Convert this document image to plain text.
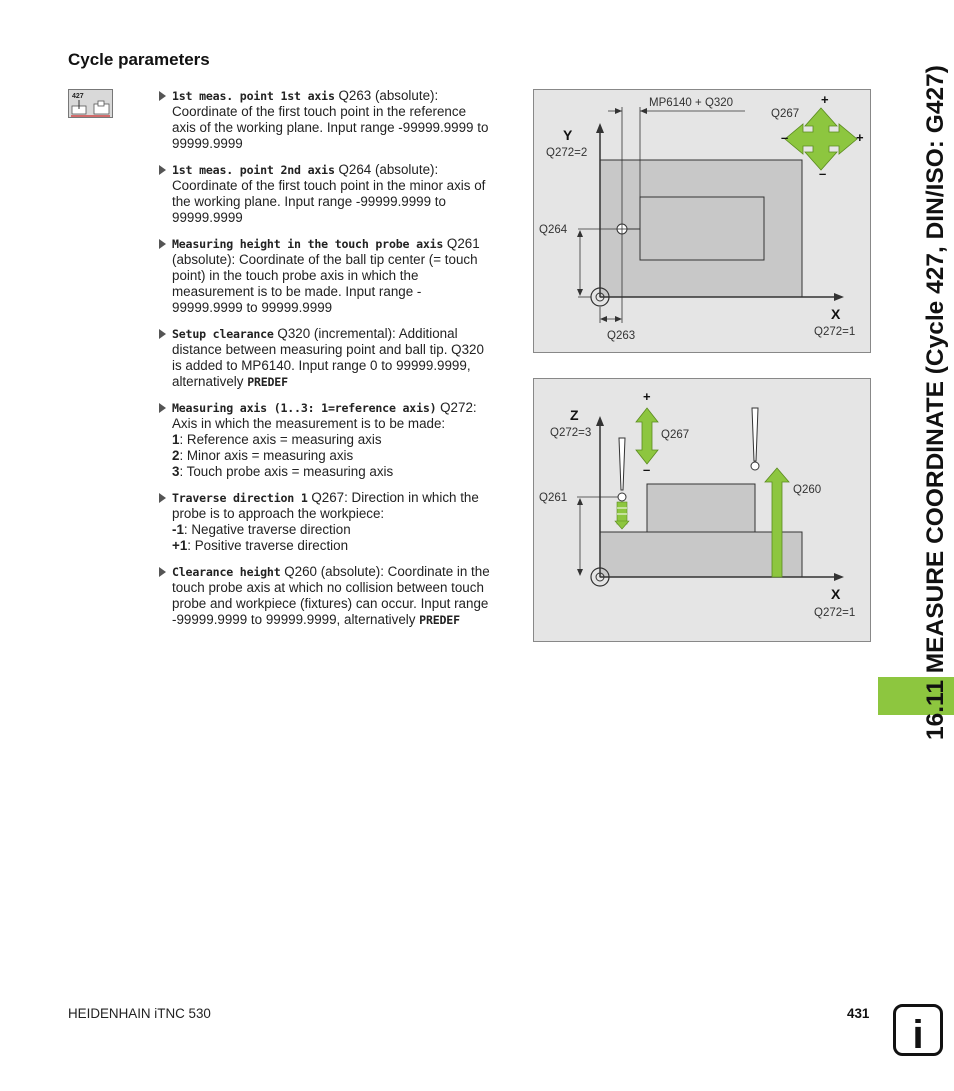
Cycle parameters
427	1st meas. point 1st axis Q263 (absolute):
Coordinate of the first touch point in the reference
axis of the working plane. Input range -99999.9999 to
99999.9999
1st meas. point 2nd axis Q264 (absolute):
Coordinate of the first touch point in the minor axis of
the working plane. Input range -99999.9999 to
99999.9999
Measuring height in the touch probe axis Q261
(absolute): Coordinate of the ball tip center (= touch
point) in the touch probe axis in which the
measurement is to be made. Input range -
99999.9999 to 99999.9999
Setup clearance Q320 (incremental): Additional
distance between measuring point and ball tip. Q320
is added to MP6140. Input range 0 to 99999.9999,
alternatively PREDEF
Measuring axis (1..3: 1=reference axis) Q272:
Axis in which the measurement is to be made:
1: Reference axis = measuring axis
2: Minor axis = measuring axis
3: Touch probe axis = measuring axis
Traverse direction 1 Q267: Direction in which the
probe is to approach the workpiece:
-1: Negative traverse direction
+1: Positive traverse direction
Clearance height Q260 (absolute): Coordinate in the
touch probe axis at which no collision between touch
probe and workpiece (fixtures) can occur. Input range
-99999.9999 to 99999.9999, alternatively PREDEF
MP6140 + Q320
Q267
+
–	+
–
Y
Q272=2
Q264
Q263
X
Q272=1
+
–
Z
Q272=3	Q267
Q261
Q260
X
Q272=1	16.11 MEASURE COORDINATE (Cycle 427, DIN/ISO: G427)
HEIDENHAIN iTNC 530	431 i
